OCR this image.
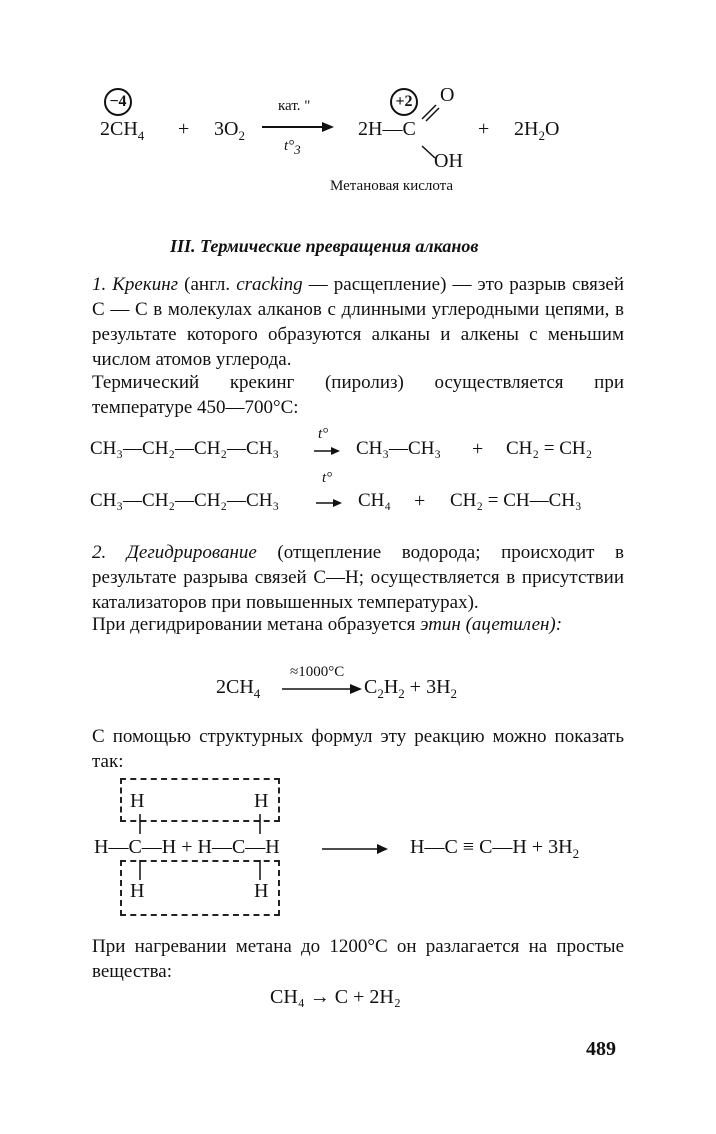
−4	+2 O
$2CH_4 + 3O_2$
кат. "
$t^\circ_3$
2H—C
OH
+ $2H_2O$
Метановая кислота
III. Термические превращения алканов
1. Крекинг (англ. cracking — расщепление) — это разрыв связей C — C в молекулах алканов с длинными углеродными цепями, в результате которого образуются алканы и алкены с меньшим числом атомов углерода.
Термический крекинг (пиролиз) осуществляется при температуре 450—700°C:
CH₃—CH₂—CH₂—CH₃
t°
CH₃—CH₃ + CH₂ = CH₂
t°
CH₃—CH₂—CH₂—CH₃	CH₄ + CH₂ = CH—CH₃
2. Дегидрирование (отщепление водорода; происходит в результате разрыва связей C—H; осуществляется в присутствии катализаторов при повышенных температурах).
При дегидрировании метана образуется этин (ацетилен):
$2CH_4$
≈1000°C
$C_2H_2 + 3H_2$
С помощью структурных формул эту реакцию можно показать так:
H	H
H—C—H + H—C—H
H	H
H—C ≡ C—H + $3H_2$
При нагревании метана до 1200°C он разлагается на простые вещества:
CH₄ → C + 2H₂
489
